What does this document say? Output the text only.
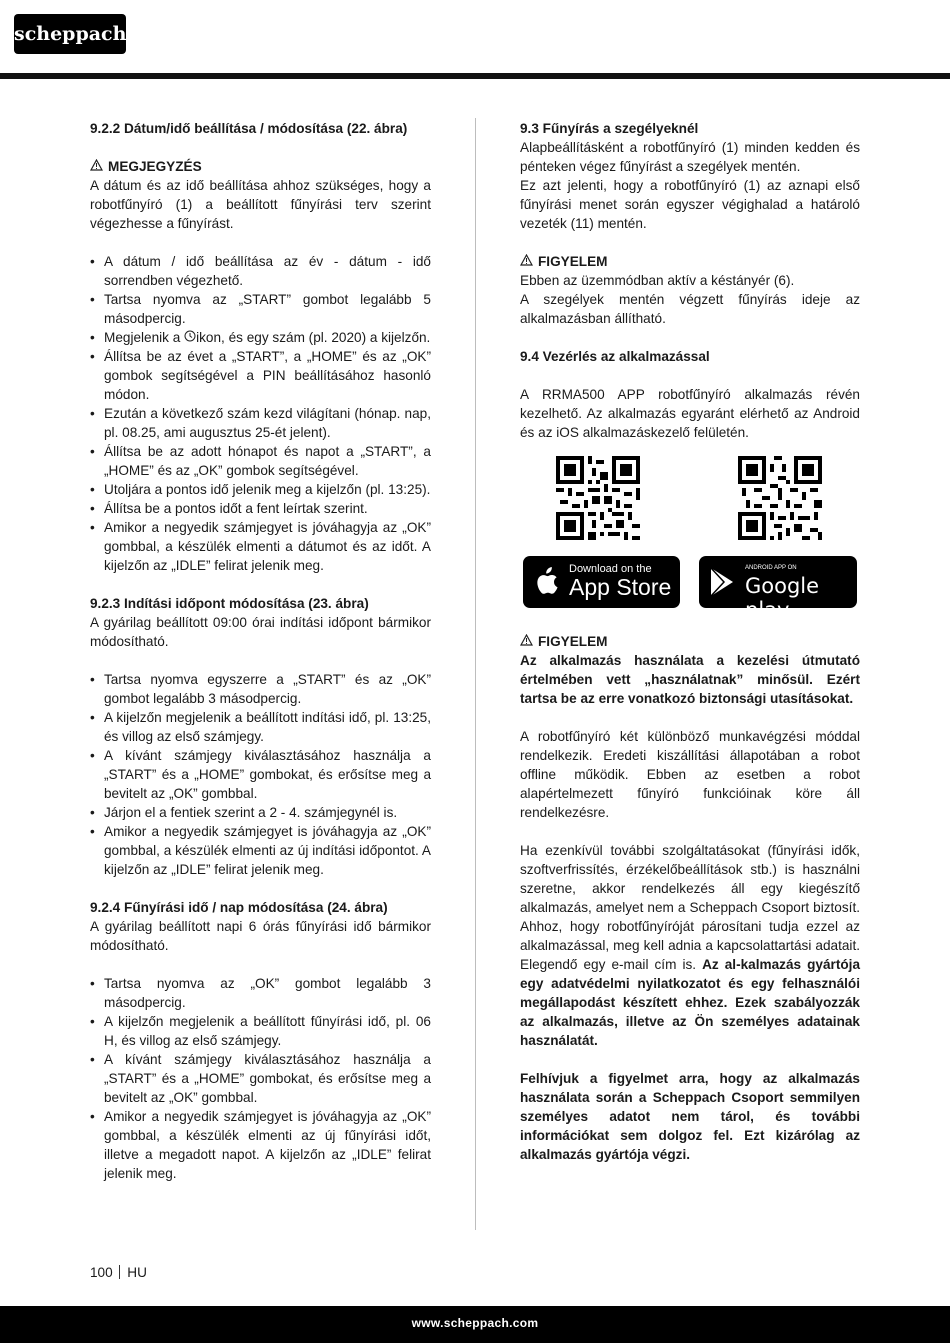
scheppach
9.2.2 Dátum/idő beállítása / módosítása (22. ábra)
MEGJEGYZÉS

A dátum és az idő beállítása ahhoz szükséges, hogy a robotfűnyíró (1) a beállított fűnyírási terv szerint végezhesse a fűnyírást.

• A dátum / idő beállítása az év - dátum - idő sorrendben végezhető.
• Tartsa nyomva az „START” gombot legalább 5 másodpercig.
• Megjelenik a ikon, és egy szám (pl. 2020) a kijelzőn.
• Állítsa be az évet a „START”, a „HOME” és az „OK” gombok segítségével a PIN beállításához hasonló módon.
• Ezután a következő szám kezd világítani (hónap. nap, pl. 08.25, ami augusztus 25-ét jelent).
• Állítsa be az adott hónapot és napot a „START”, a „HOME” és az „OK” gombok segítségével.
• Utoljára a pontos idő jelenik meg a kijelzőn (pl. 13:25).
• Állítsa be a pontos időt a fent leírtak szerint.
• Amikor a negyedik számjegyet is jóváhagyja az „OK” gombbal, a készülék elmenti a dátumot és az időt. A kijelzőn az „IDLE” felirat jelenik meg.
9.2.3 Indítási időpont módosítása (23. ábra)

A gyárilag beállított 09:00 órai indítási időpont bármikor módosítható.

• Tartsa nyomva egyszerre a „START” és az „OK” gombot legalább 3 másodpercig.
• A kijelzőn megjelenik a beállított indítási idő, pl. 13:25, és villog az első számjegy.
• A kívánt számjegy kiválasztásához használja a „START” és a „HOME” gombokat, és erősítse meg a bevitelt az „OK” gombbal.
• Járjon el a fentiek szerint a 2 - 4. számjegynél is.
• Amikor a negyedik számjegyet is jóváhagyja az „OK” gombbal, a készülék elmenti az új indítási időpontot. A kijelzőn az „IDLE” felirat jelenik meg.
9.2.4 Fűnyírási idő / nap módosítása (24. ábra)

A gyárilag beállított napi 6 órás fűnyírási idő bármikor módosítható.

• Tartsa nyomva az „OK” gombot legalább 3 másodpercig.
• A kijelzőn megjelenik a beállított fűnyírási idő, pl. 06 H, és villog az első számjegy.
• A kívánt számjegy kiválasztásához használja a „START” és a „HOME” gombokat, és erősítse meg a bevitelt az „OK” gombbal.
• Amikor a negyedik számjegyet is jóváhagyja az „OK” gombbal, a készülék elmenti az új fűnyírási időt, illetve a megadott napot. A kijelzőn az „IDLE” felirat jelenik meg.
9.3 Fűnyírás a szegélyeknél

Alapbeállításként a robotfűnyíró (1) minden kedden és pénteken végez fűnyírást a szegélyek mentén.

Ez azt jelenti, hogy a robotfűnyíró (1) az aznapi első fűnyírási menet során egyszer végighalad a határoló vezeték (11) mentén.

FIGYELEM

Ebben az üzemmódban aktív a késtányér (6).

A szegélyek mentén végzett fűnyírás ideje az alkalmazásban állítható.

9.4 Vezérlés az alkalmazással

A RRMA500 APP robotfűnyíró alkalmazás révén kezelhető. Az alkalmazás egyaránt elérhető az Android és az iOS alkalmazáskezelő felületén.

Download on the
App Store
ANDROID APP ON
Google play
FIGYELEM

Az alkalmazás használata a kezelési útmutató értelmében vett „használatnak” minősül. Ezért tartsa be az erre vonatkozó biztonsági utasításokat.

A robotfűnyíró két különböző munkavégzési móddal rendelkezik. Eredeti kiszállítási állapotában a robot offline működik. Ebben az esetben a robot alapértelmezett fűnyíró funkcióinak köre áll rendelkezésre.

Ha ezenkívül további szolgáltatásokat (fűnyírási idők, szoftverfrissítés, érzékelőbeállítások stb.) is használni szeretne, akkor rendelkezés áll egy kiegészítő alkalmazás, amelyet nem a Scheppach Csoport biztosít. Ahhoz, hogy robotfűnyíróját párosítani tudja ezzel az alkalmazással, meg kell adnia a kapcsolattartási adatait. Elegendő egy e-mail cím is. Az al-kalmazás gyártója egy adatvédelmi nyilatkozatot és egy felhasználói megállapodást készített ehhez. Ezek szabályozzák az alkalmazás, illetve az Ön személyes adatainak használatát.

Felhívjuk a figyelmet arra, hogy az alkalmazás használata során a Scheppach Csoport semmilyen személyes adatot nem tárol, és további információkat sem dolgoz fel. Ezt kizárólag az alkalmazás gyártója végzi.

100 HU
www.scheppach.com
